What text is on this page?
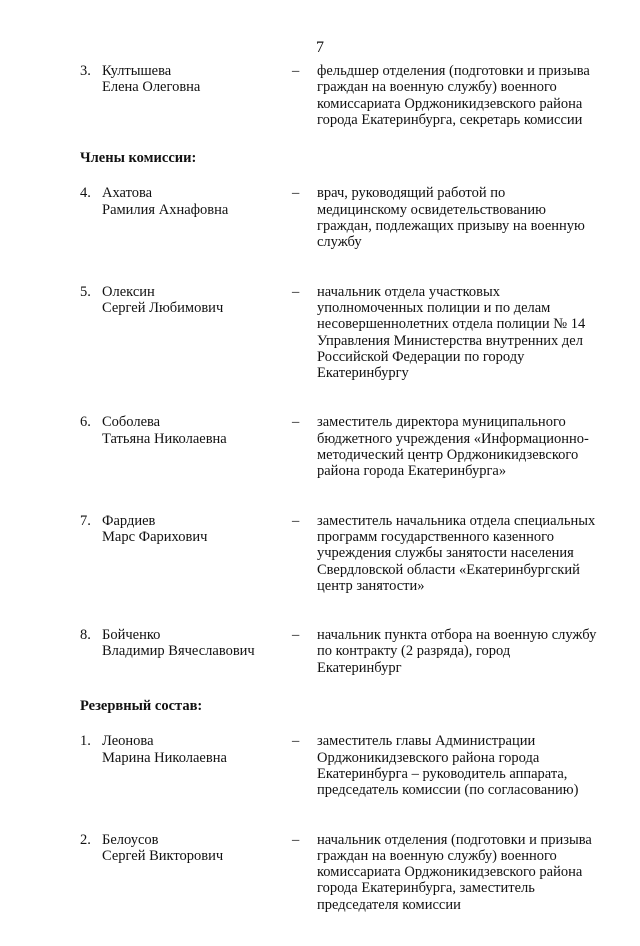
7
3. Култышева
Елена Олеговна
–	фельдшер отделения (подготовки и призыва
граждан на военную службу) военного
комиссариата Орджоникидзевского района
города Екатеринбурга, секретарь комиссии
Члены комиссии:
4. Ахатова
Рамилия Ахнафовна
–	врач, руководящий работой по
медицинскому освидетельствованию
граждан, подлежащих призыву на военную
службу
5. Олексин
Сергей Любимович
–	начальник отдела участковых
уполномоченных полиции и по делам
несовершеннолетних отдела полиции № 14
Управления Министерства внутренних дел
Российской Федерации по городу
Екатеринбургу
6. Соболева
Татьяна Николаевна
–	заместитель директора муниципального
бюджетного учреждения «Информационно-
методический центр Орджоникидзевского
района города Екатеринбурга»
7. Фардиев
Марс Фарихович
–	заместитель начальника отдела специальных
программ государственного казенного
учреждения службы занятости населения
Свердловской области «Екатеринбургский
центр занятости»
8. Бойченко
Владимир Вячеславович
–	начальник пункта отбора на военную службу
по контракту (2 разряда), город
Екатеринбург
Резервный состав:
1. Леонова
Марина Николаевна
–	заместитель главы Администрации
Орджоникидзевского района города
Екатеринбурга – руководитель аппарата,
председатель комиссии (по согласованию)
2. Белоусов
Сергей Викторович
–	начальник отделения (подготовки и призыва
граждан на военную службу) военного
комиссариата Орджоникидзевского района
города Екатеринбурга, заместитель
председателя комиссии
